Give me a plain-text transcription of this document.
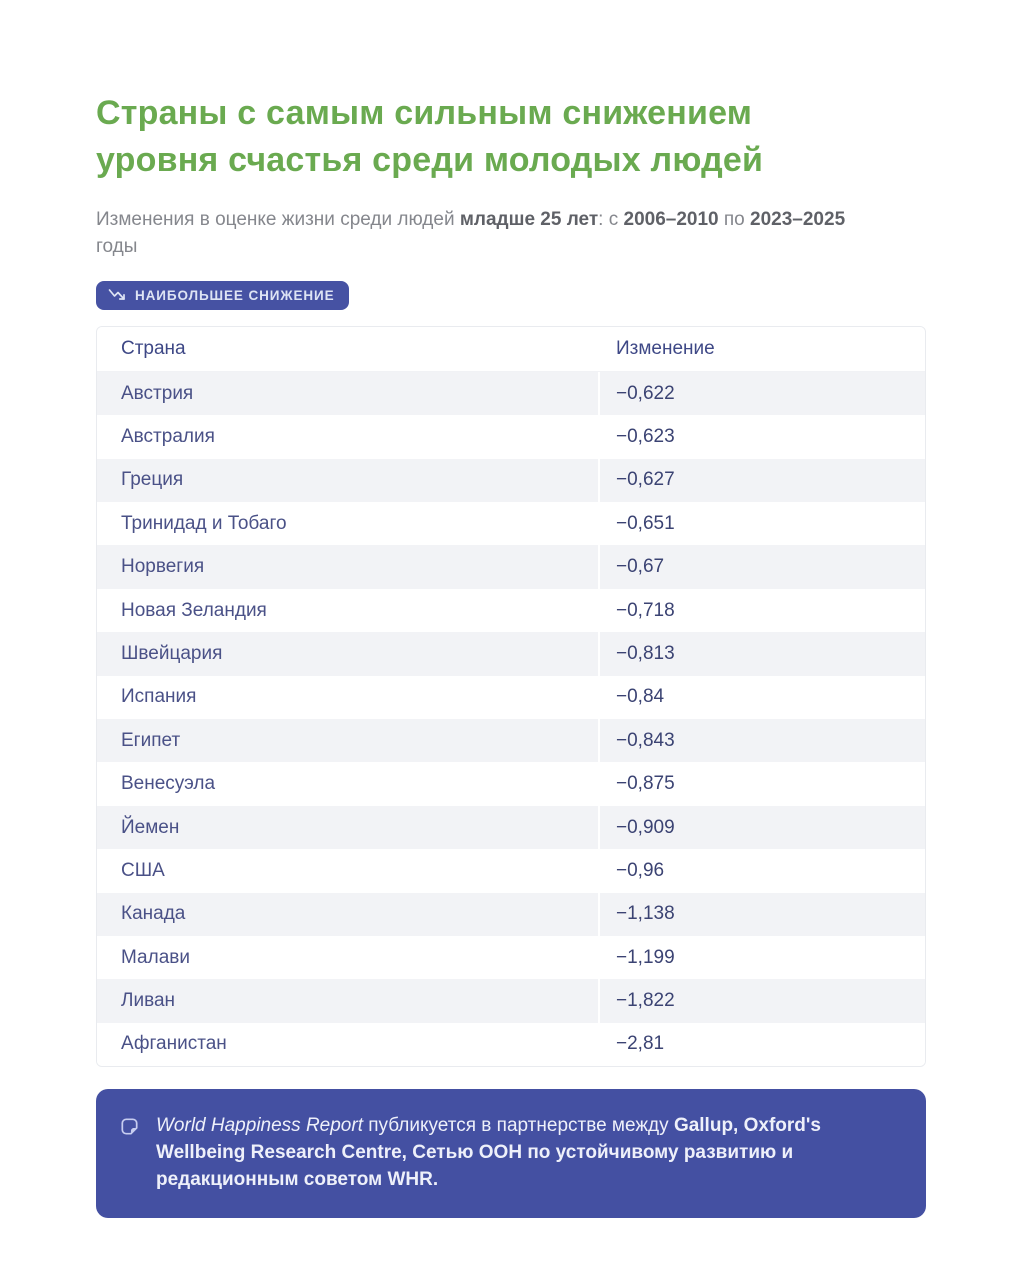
Страны с самым сильным снижением
уровня счастья среди молодых людей

Изменения в оценке жизни среди людей младше 25 лет: с 2006–2010 по 2023–2025 годы

НАИБОЛЬШЕЕ СНИЖЕНИЕ
Страна	Изменение
Австрия	−0,622
Австралия	−0,623
Греция	−0,627
Тринидад и Тобаго	−0,651
Норвегия	−0,67
Новая Зеландия	−0,718
Швейцария	−0,813
Испания	−0,84
Египет	−0,843
Венесуэла	−0,875
Йемен	−0,909
США	−0,96
Канада	−1,138
Малави	−1,199
Ливан	−1,822
Афганистан	−2,81
World Happiness Report публикуется в партнерстве между Gallup, Oxford's Wellbeing Research Centre, Сетью ООН по устойчивому развитию и редакционным советом WHR.
